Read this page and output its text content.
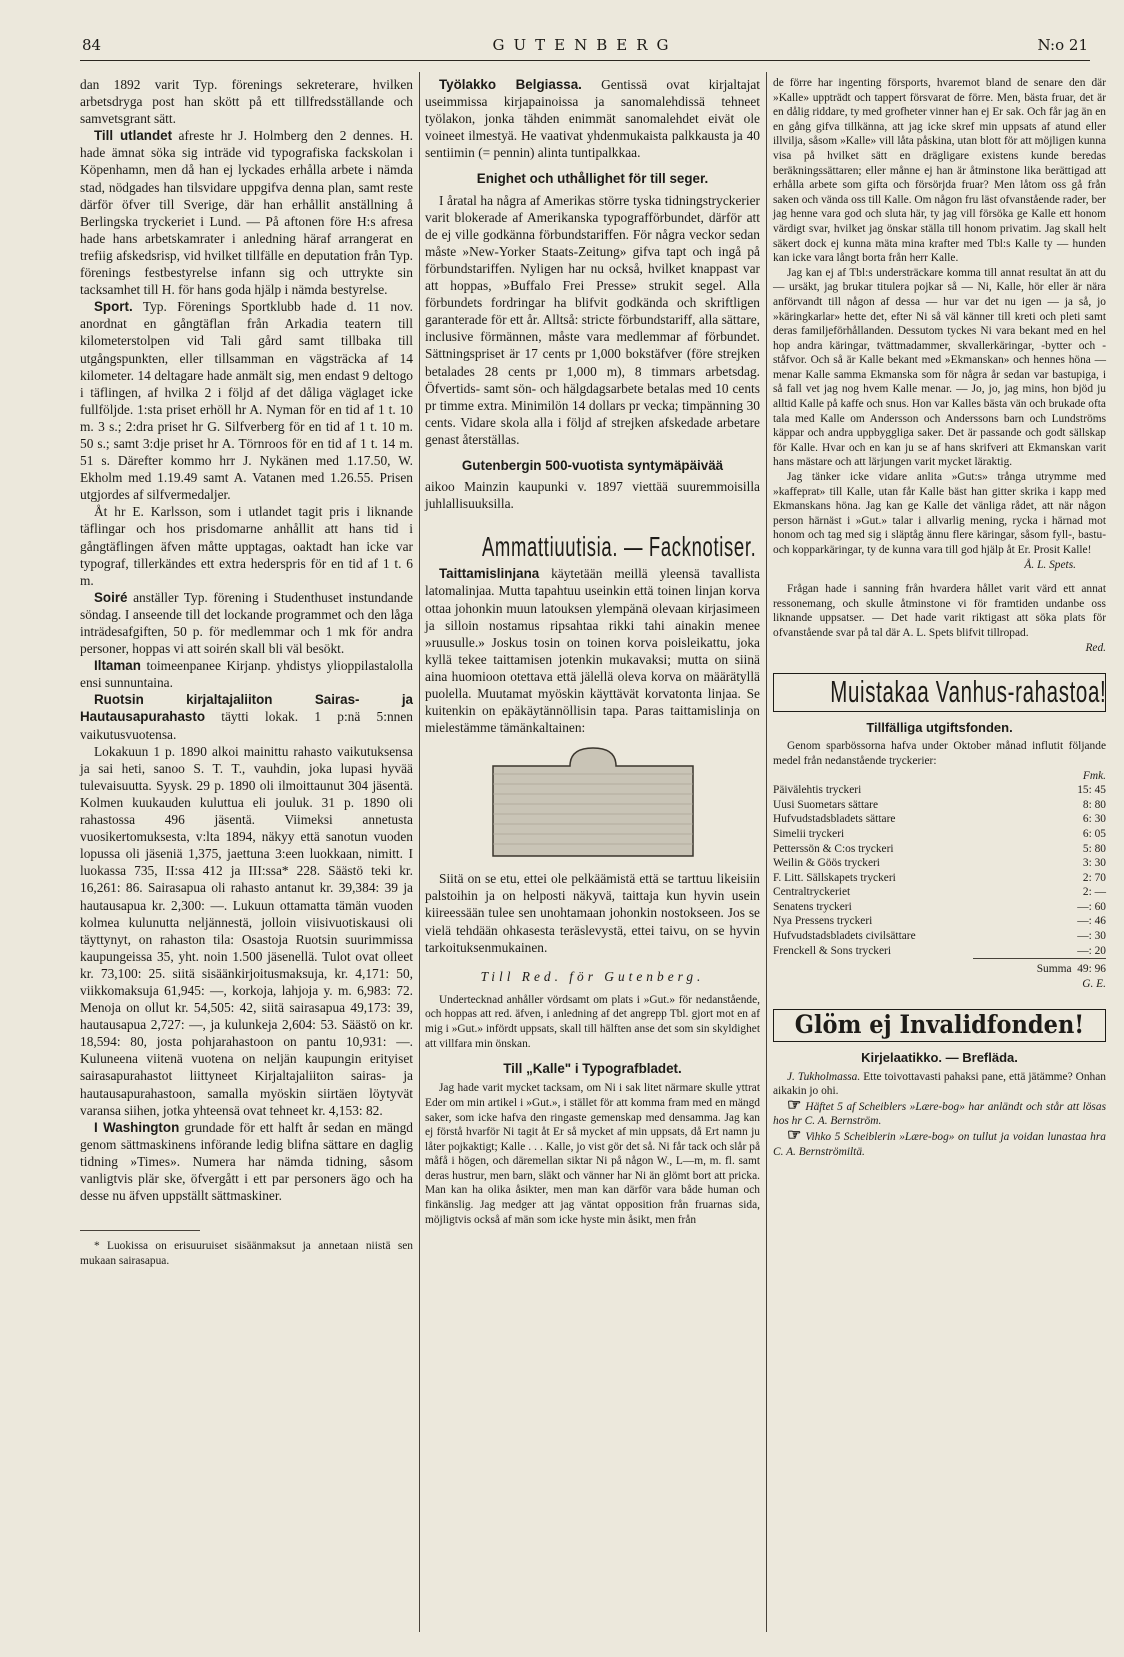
84	GUTENBERG	N:o 21

dan 1892 varit Typ. förenings sekreterare, hvilken arbetsdryga post han skött på ett tillfredsställande och samvetsgrant sätt.

Till utlandet afreste hr J. Holmberg den 2 dennes. H. hade ämnat söka sig inträde vid typografiska fackskolan i Köpenhamn, men då han ej lyckades erhålla arbete i nämda stad, nödgades han tilsvidare uppgifva denna plan, samt reste därför öfver till Sverige, där han erhållit anställning å Berlingska tryckeriet i Lund. — På aftonen före H:s afresa hade hans arbetskamrater i anledning häraf arrangerat en trefiig afskedsrisp, vid hvilket tillfälle en deputation från Typ. förenings festbestyrelse infann sig och uttrykte sin tacksamhet till H. för hans goda hjälp i nämda bestyrelse.

Sport. Typ. Förenings Sportklubb hade d. 11 nov. anordnat en gångtäflan från Arkadia teatern till kilometerstolpen vid Tali gård samt tillbaka till utgångspunkten, eller tillsamman en vägsträcka af 14 kilometer. 14 deltagare hade anmält sig, men endast 9 deltogo i täflingen, af hvilka 2 i följd af det dåliga väglaget icke fullföljde. 1:sta priset erhöll hr A. Nyman för en tid af 1 t. 10 m. 3 s.; 2:dra priset hr G. Silfverberg för en tid af 1 t. 10 m. 50 s.; samt 3:dje priset hr A. Törnroos för en tid af 1 t. 14 m. 51 s. Därefter kommo hrr J. Nykänen med 1.17.50, W. Ekholm med 1.19.49 samt A. Vatanen med 1.26.55. Prisen utgjordes af silfvermedaljer.

Åt hr E. Karlsson, som i utlandet tagit pris i liknande täflingar och hos prisdomarne anhållit att hans tid i gångtäflingen äfven måtte upptagas, oaktadt han icke var typograf, tillerkändes ett extra hederspris för en tid af 1 t. 6 m.

Soiré anställer Typ. förening i Studenthuset instundande söndag. I anseende till det lockande programmet och den låga inträdesafgiften, 50 p. för medlemmar och 1 mk för andra personer, hoppas vi att soirén skall bli väl besökt.

Iltaman toimeenpanee Kirjanp. yhdistys ylioppilastalolla ensi sunnuntaina.

Ruotsin kirjaltajaliiton Sairas- ja Hautausapurahasto täytti lokak. 1 p:nä 5:nnen vaikutusvuotensa.

Lokakuun 1 p. 1890 alkoi mainittu rahasto vaikutuksensa ja sai heti, sanoo S. T. T., vauhdin, joka lupasi hyvää tulevaisuutta. Syysk. 29 p. 1890 oli ilmoittaunut 304 jäsentä. Kolmen kuukauden kuluttua eli jouluk. 31 p. 1890 oli rahastossa 496 jäsentä. Viimeksi annetusta vuosikertomuksesta, v:lta 1894, näkyy että sanotun vuoden lopussa oli jäseniä 1,375, jaettuna 3:een luokkaan, nimitt. I luokassa 735, II:ssa 412 ja III:ssa* 228. Säästö teki kr. 16,261: 86. Sairasapua oli rahasto antanut kr. 39,384: 39 ja hautausapua kr. 2,300: —. Lukuun ottamatta tämän vuoden kolmea kulunutta neljännestä, jolloin viisivuotiskausi oli täyttynyt, on rahaston tila: Osastoja Ruotsin suurimmissa kaupungeissa 35, yht. noin 1.500 jäsenellä. Tulot ovat olleet kr. 73,100: 25. siitä sisäänkirjoitusmaksuja, kr. 4,171: 50, viikkomaksuja 61,945: —, korkoja, lahjoja y. m. 6,983: 72. Menoja on ollut kr. 54,505: 42, siitä sairasapua 49,173: 39, hautausapua 2,727: —, ja kulunkeja 2,604: 53. Säästö on kr. 18,594: 80, josta pohjarahastoon on pantu 10,931: —. Kuluneena viitenä vuotena on neljän kaupungin erityiset sairasapurahastot liittyneet Kirjaltajaliiton sairas- ja hautausapurahastoon, samalla myöskin siirtäen löytyvät varansa siihen, jotka yhteensä ovat tehneet kr. 4,153: 82.

I Washington grundade för ett halft år sedan en mängd genom sättmaskinens införande ledig blifna sättare en daglig tidning »Times». Numera har nämda tidning, såsom vanligtvis plär ske, öfvergått i ett par personers ägo och ha desse nu äfven uppställt sättmaskiner.

* Luokissa on erisuuruiset sisäänmaksut ja annetaan niistä sen mukaan sairasapua.

Työlakko Belgiassa. Gentissä ovat kirjaltajat useimmissa kirjapainoissa ja sanomalehdissä tehneet työlakon, jonka tähden enimmät sanomalehdet eivät ole voineet ilmestyä. He vaativat yhdenmukaista palkkausta ja 40 sentiimin (= pennin) alinta tuntipalkkaa.

Enighet och uthållighet för till seger.

I åratal ha några af Amerikas större tyska tidningstryckerier varit blokerade af Amerikanska typografförbundet, därför att de ej ville godkänna förbundstariffen. För några veckor sedan måste »New-Yorker Staats-Zeitung» gifva tapt och ingå på förbundstariffen. Nyligen har nu också, hvilket knappast var att hoppas, »Buffalo Frei Presse» strukit segel. Alla förbundets fordringar ha blifvit godkända och skriftligen garanterade för ett år. Alltså: stricte förbundstariff, alla sättare, inclusive förmännen, måste vara medlemmar af förbundet. Sättningspriset är 17 cents pr 1,000 bokstäfver (före strejken betalades 28 cents pr 1,000 m), 8 timmars arbetsdag. Öfvertids- samt sön- och hälgdagsarbete betalas med 10 cents pr timme extra. Minimilön 14 dollars pr vecka; timpänning 30 cents. Vidare skola alla i följd af strejken afskedade arbetare genast återställas.

Gutenbergin 500-vuotista syntymäpäivää

aikoo Mainzin kaupunki v. 1897 viettää suuremmoisilla juhlallisuuksilla.

Ammattiuutisia. — Facknotiser.

Taittamislinjana käytetään meillä yleensä tavallista latomalinjaa. Mutta tapahtuu useinkin että toinen linjan korva ottaa johonkin muun latouksen ylempänä olevaan kirjasimeen ja silloin nostamus ripsahtaa rikki tahi ainakin menee »ruusulle.» Joskus tosin on toinen korva poisleikattu, joka kyllä tekee taittamisen jotenkin mukavaksi; mutta on siinä aina huomioon otettava että jälellä oleva korva on määrätyllä puolella. Muutamat myöskin käyttävät korvatonta linjaa. Se kuitenkin on epäkäytännöllisin tapa. Paras taittamislinja on mielestämme tämänkaltainen:

Siitä on se etu, ettei ole pelkäämistä että se tarttuu likeisiin palstoihin ja on helposti näkyvä, taittaja kun hyvin usein kiireessään tulee sen unohtamaan johonkin nostokseen. Jos se vielä tehdään ohkasesta teräslevystä, ettei taivu, on se hyvin tarkoituksenmukainen.

Till Red. för Gutenberg.

Undertecknad anhåller vördsamt om plats i »Gut.» för nedanstående, och hoppas att red. äfven, i anledning af det angrepp Tbl. gjort mot en af mig i »Gut.» infördt uppsats, skall till hälften anse det som sin skyldighet att villfara min önskan.

Till „Kalle" i Typografbladet.

Jag hade varit mycket tacksam, om Ni i sak litet närmare skulle yttrat Eder om min artikel i »Gut.», i stället för att komma fram med en mängd saker, som icke hafva den ringaste gemenskap med densamma. Jag kan ej förstå hvarför Ni tagit åt Er så mycket af min uppsats, då Ert namn ju låter pojkaktigt; Kalle . . . Kalle, jo vist gör det så. Ni får tack och slår på måfå i högen, och däremellan siktar Ni på någon W., L—m, m. fl. samt deras hustrur, men barn, släkt och vänner har Ni än glömt bort att pricka. Man kan ha olika åsikter, men man kan därför vara både human och finkänslig. Jag medger att jag väntat opposition från fruarnas sida, möjligtvis också af män som icke hyste min åsikt, men från

de förre har ingenting försports, hvaremot bland de senare den där »Kalle» uppträdt och tappert försvarat de förre. Men, bästa fruar, det är en dålig riddare, ty med grofheter vinner han ej Er sak. Och får jag än en en gång gifva tillkänna, att jag icke skref min uppsats af atund eller illvilja, såsom »Kalle» vill låta påskina, utan blott för att möjligen kunna visa på hvilket sätt en drägligare existens kunde beredas beräkningssättaren; eller månne ej han är åtminstone lika berättigad att erhålla arbete som gifta och försörjda fruar? Men låtom oss gå från saken och vända oss till Kalle. Om någon fru läst ofvanstående rader, ber jag henne vara god och sluta här, ty jag vill försöka ge Kalle ett honom värdigt svar, hvilket jag önskar ställa till honom privatim. Jag skall helt säkert dock ej kunna mäta mina krafter med Tbl:s Kalle ty — hunden kan icke vara långt borta från herr Kalle.

Jag kan ej af Tbl:s understräckare komma till annat resultat än att du — ursäkt, jag brukar titulera pojkar så — Ni, Kalle, hör eller är nära anförvandt till någon af dessa — hur var det nu igen — ja så, jo »käringkarlar» hette det, efter Ni så väl känner till kreti och pleti samt deras familjeförhållanden. Dessutom tyckes Ni vara bekant med en hel hop andra käringar, tvättmadammer, skvallerkäringar, -bytter och -ståfvor. Och så är Kalle bekant med »Ekmanskan» och hennes höna — menar Kalle samma Ekmanska som för några år sedan var bastupiga, i så fall vet jag nog hvem Kalle menar. — Jo, jo, jag mins, hon bjöd ju alltid Kalle på kaffe och snus. Hon var Kalles bästa vän och brukade ofta tala med Kalle om Andersson och Anderssons barn och Lundströms käppar och andra uppbyggliga saker. Det är passande och godt sällskap för Kalle. Hvar och en kan ju se af hans skrifveri att Ekmanskan varit hans mästare och att lärjungen varit mycket läraktig.

Jag tänker icke vidare anlita »Gut:s» trånga utrymme med »kaffeprat» till Kalle, utan får Kalle bäst han gitter skrika i kapp med Ekmanskans höna. Jag kan ge Kalle det vänliga rådet, att när någon person härnäst i »Gut.» talar i allvarlig mening, rycka i härnad mot honom och tag med sig i släptåg ännu flere käringar, såsom fyll-, bastu- och kopparkäringar, ty de kunna vara till god hjälp åt Er. Prosit Kalle!

Å. L. Spets.

Frågan hade i sanning från hvardera hållet varit värd ett annat ressonemang, och skulle åtminstone vi för framtiden undanbe oss liknande uppsatser. — Det hade varit riktigast att söka plats för ofvanstående svar på tal där A. L. Spets blifvit tillropad.

Red.
Muistakaa Vanhus-rahastoa!
Tillfälliga utgiftsfonden.

Genom sparbössorna hafva under Oktober månad influtit följande medel från nedanstående tryckerier:

Fmk.
Päivälehtis tryckeri	15: 45
Uusi Suometars sättare	8: 80
Hufvudstadsbladets sättare	6: 30
Simelii tryckeri	6: 05
Petterssön & C:os tryckeri	5: 80
Weilin & Göös tryckeri	3: 30
F. Litt. Sällskapets tryckeri	2: 70
Centraltryckeriet	2: —
Senatens tryckeri	—: 60
Nya Pressens tryckeri	—: 46
Hufvudstadsbladets civilsättare	—: 30
Frenckell & Sons tryckeri	—: 20
Summa 49: 96
G. E.
Glöm ej Invalidfonden!
Kirjelaatikko. — Brefläda.

J. Tukholmassa. Ette toivottavasti pahaksi pane, että jätämme? Onhan aikakin jo ohi.

☞ Häftet 5 af Scheiblers »Lære-bog» har anländt och står att lösas hos hr C. A. Bernström.

☞ Vihko 5 Scheiblerin »Lære-bog» on tullut ja voidan lunastaa hra C. A. Bernströmiltä.
